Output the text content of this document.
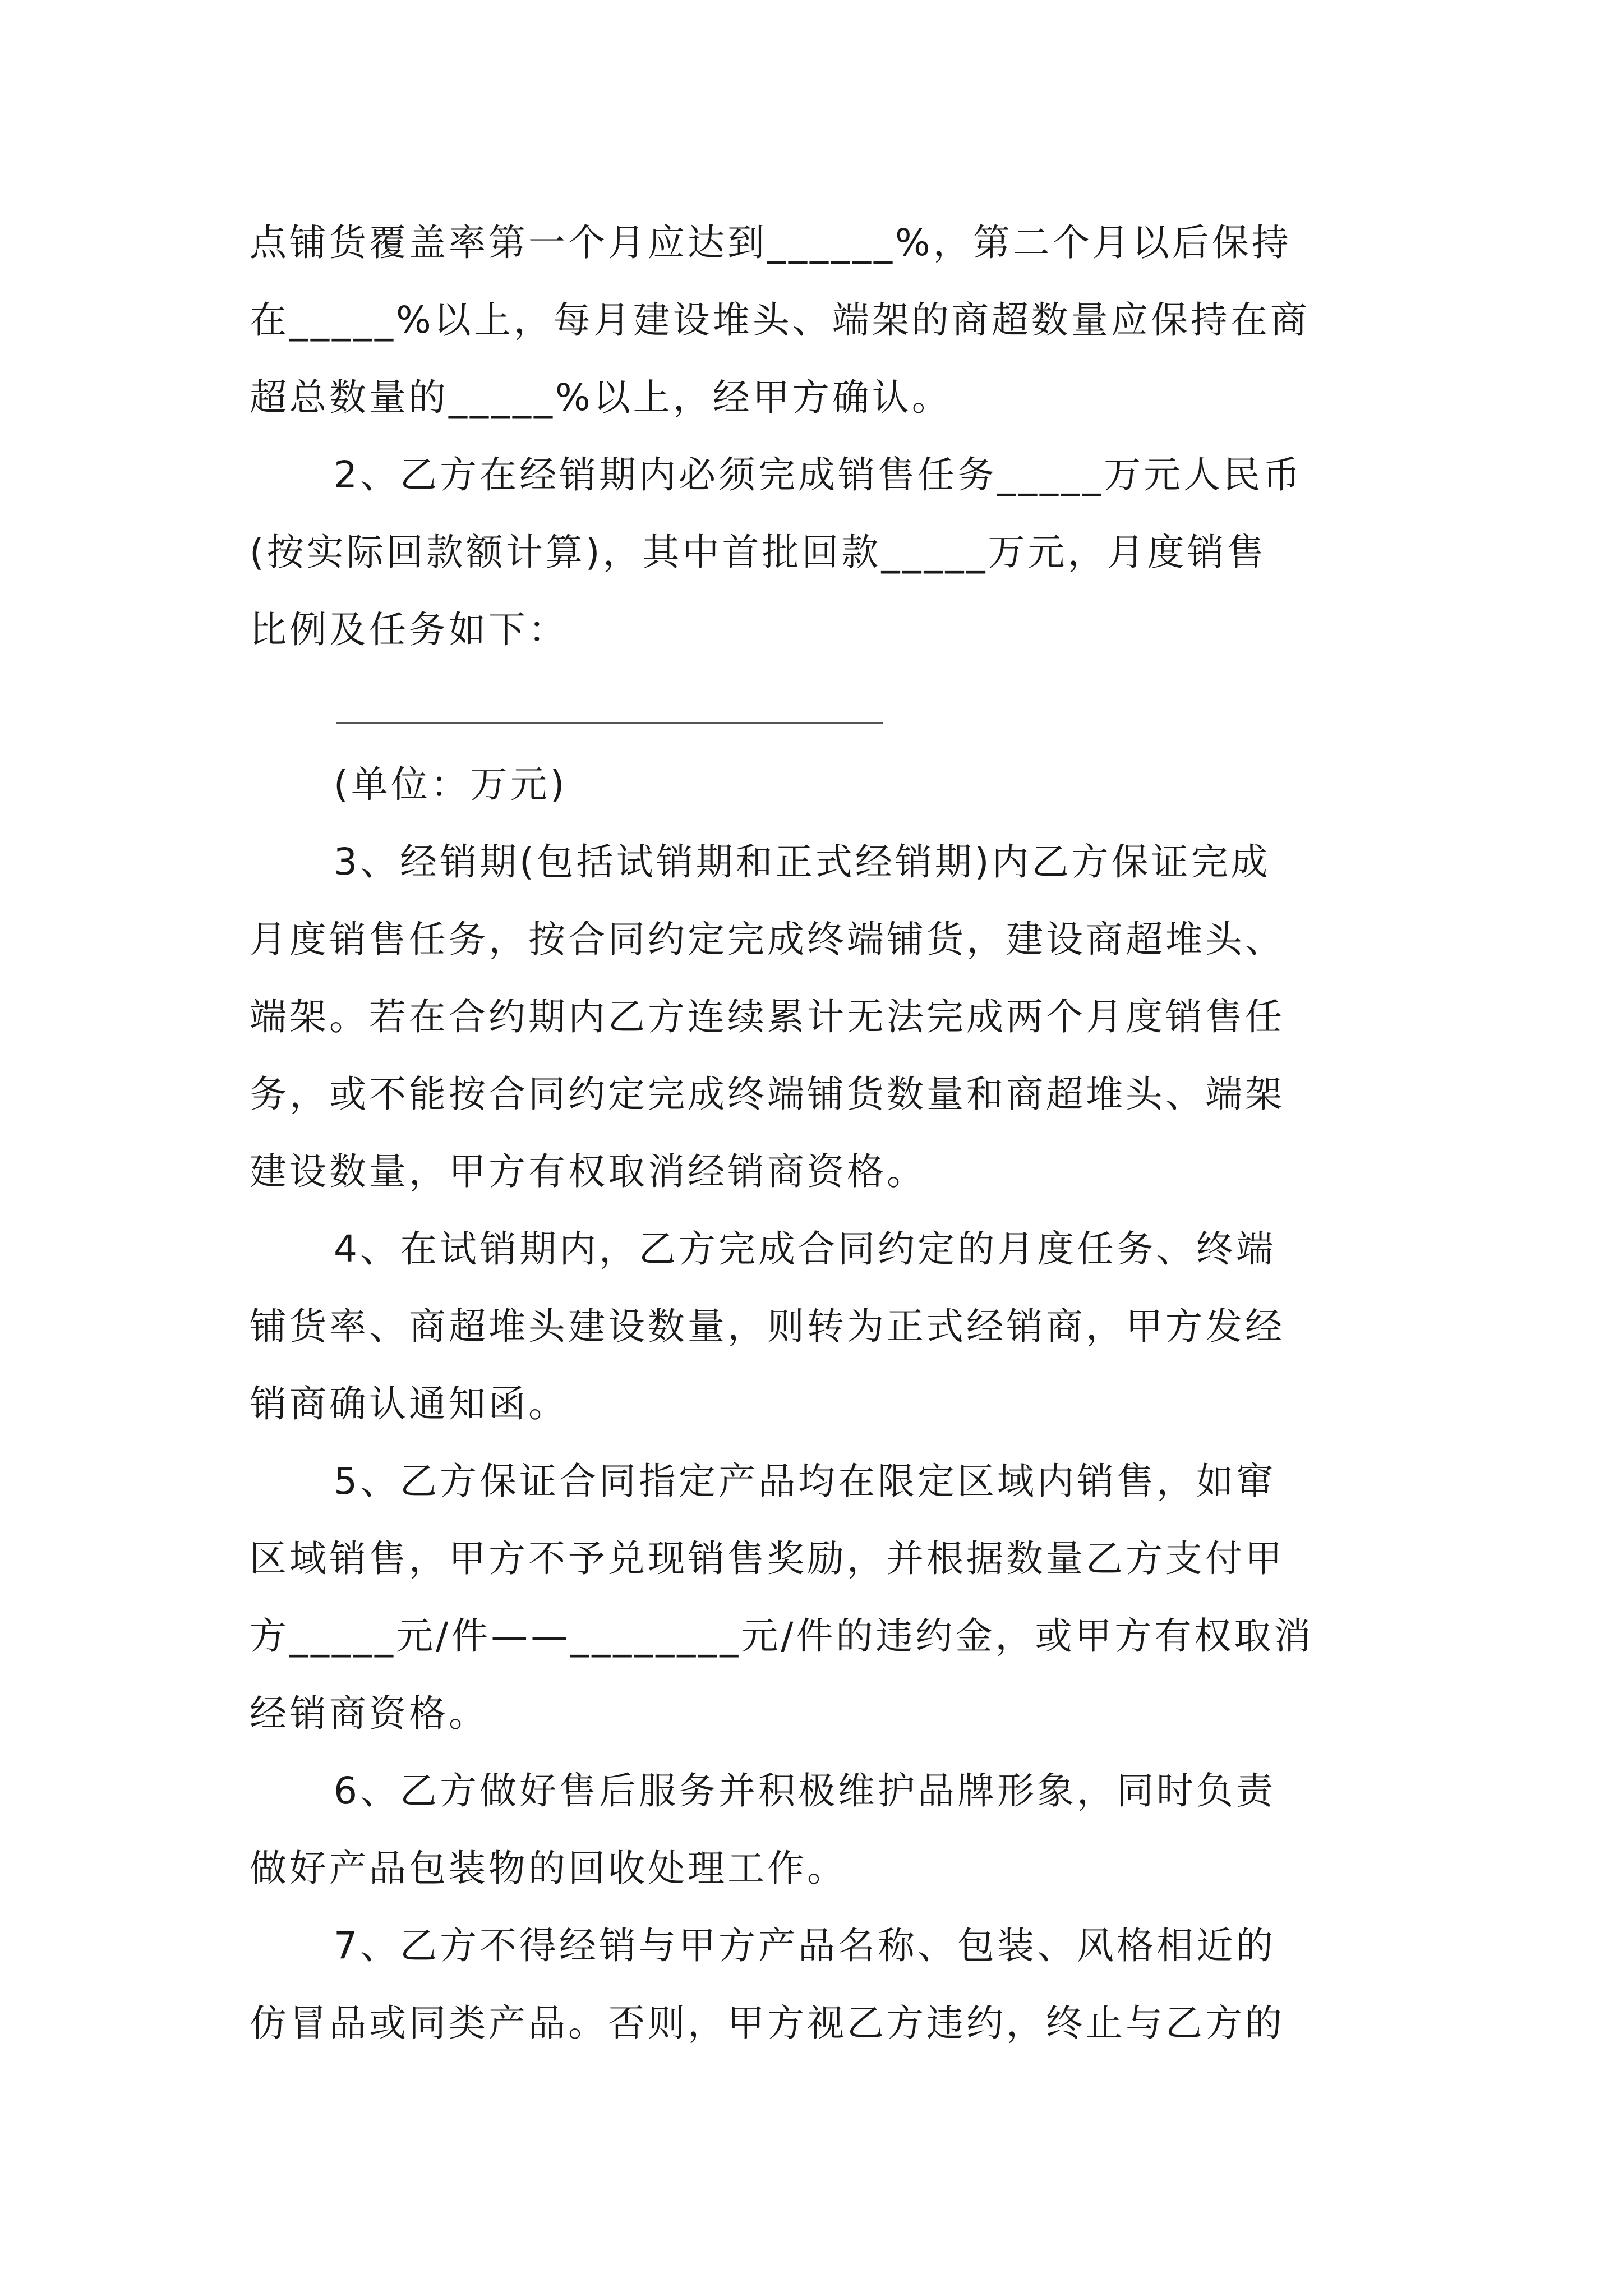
点铺货覆盖率第一个月应达到______%，第二个月以后保持
在_____%以上，每月建设堆头、端架的商超数量应保持在商
超总数量的_____%以上，经甲方确认。
2、乙方在经销期内必须完成销售任务_____万元人民币
(按实际回款额计算)，其中首批回款_____万元，月度销售
比例及任务如下：
(单位：万元)
3、经销期(包括试销期和正式经销期)内乙方保证完成
月度销售任务，按合同约定完成终端铺货，建设商超堆头、
端架。若在合约期内乙方连续累计无法完成两个月度销售任
务，或不能按合同约定完成终端铺货数量和商超堆头、端架
建设数量，甲方有权取消经销商资格。
4、在试销期内，乙方完成合同约定的月度任务、终端
铺货率、商超堆头建设数量，则转为正式经销商，甲方发经
销商确认通知函。
5、乙方保证合同指定产品均在限定区域内销售，如窜
区域销售，甲方不予兑现销售奖励，并根据数量乙方支付甲
方_____元/件——________元/件的违约金，或甲方有权取消
经销商资格。
6、乙方做好售后服务并积极维护品牌形象，同时负责
做好产品包装物的回收处理工作。
7、乙方不得经销与甲方产品名称、包装、风格相近的
仿冒品或同类产品。否则，甲方视乙方违约，终止与乙方的
